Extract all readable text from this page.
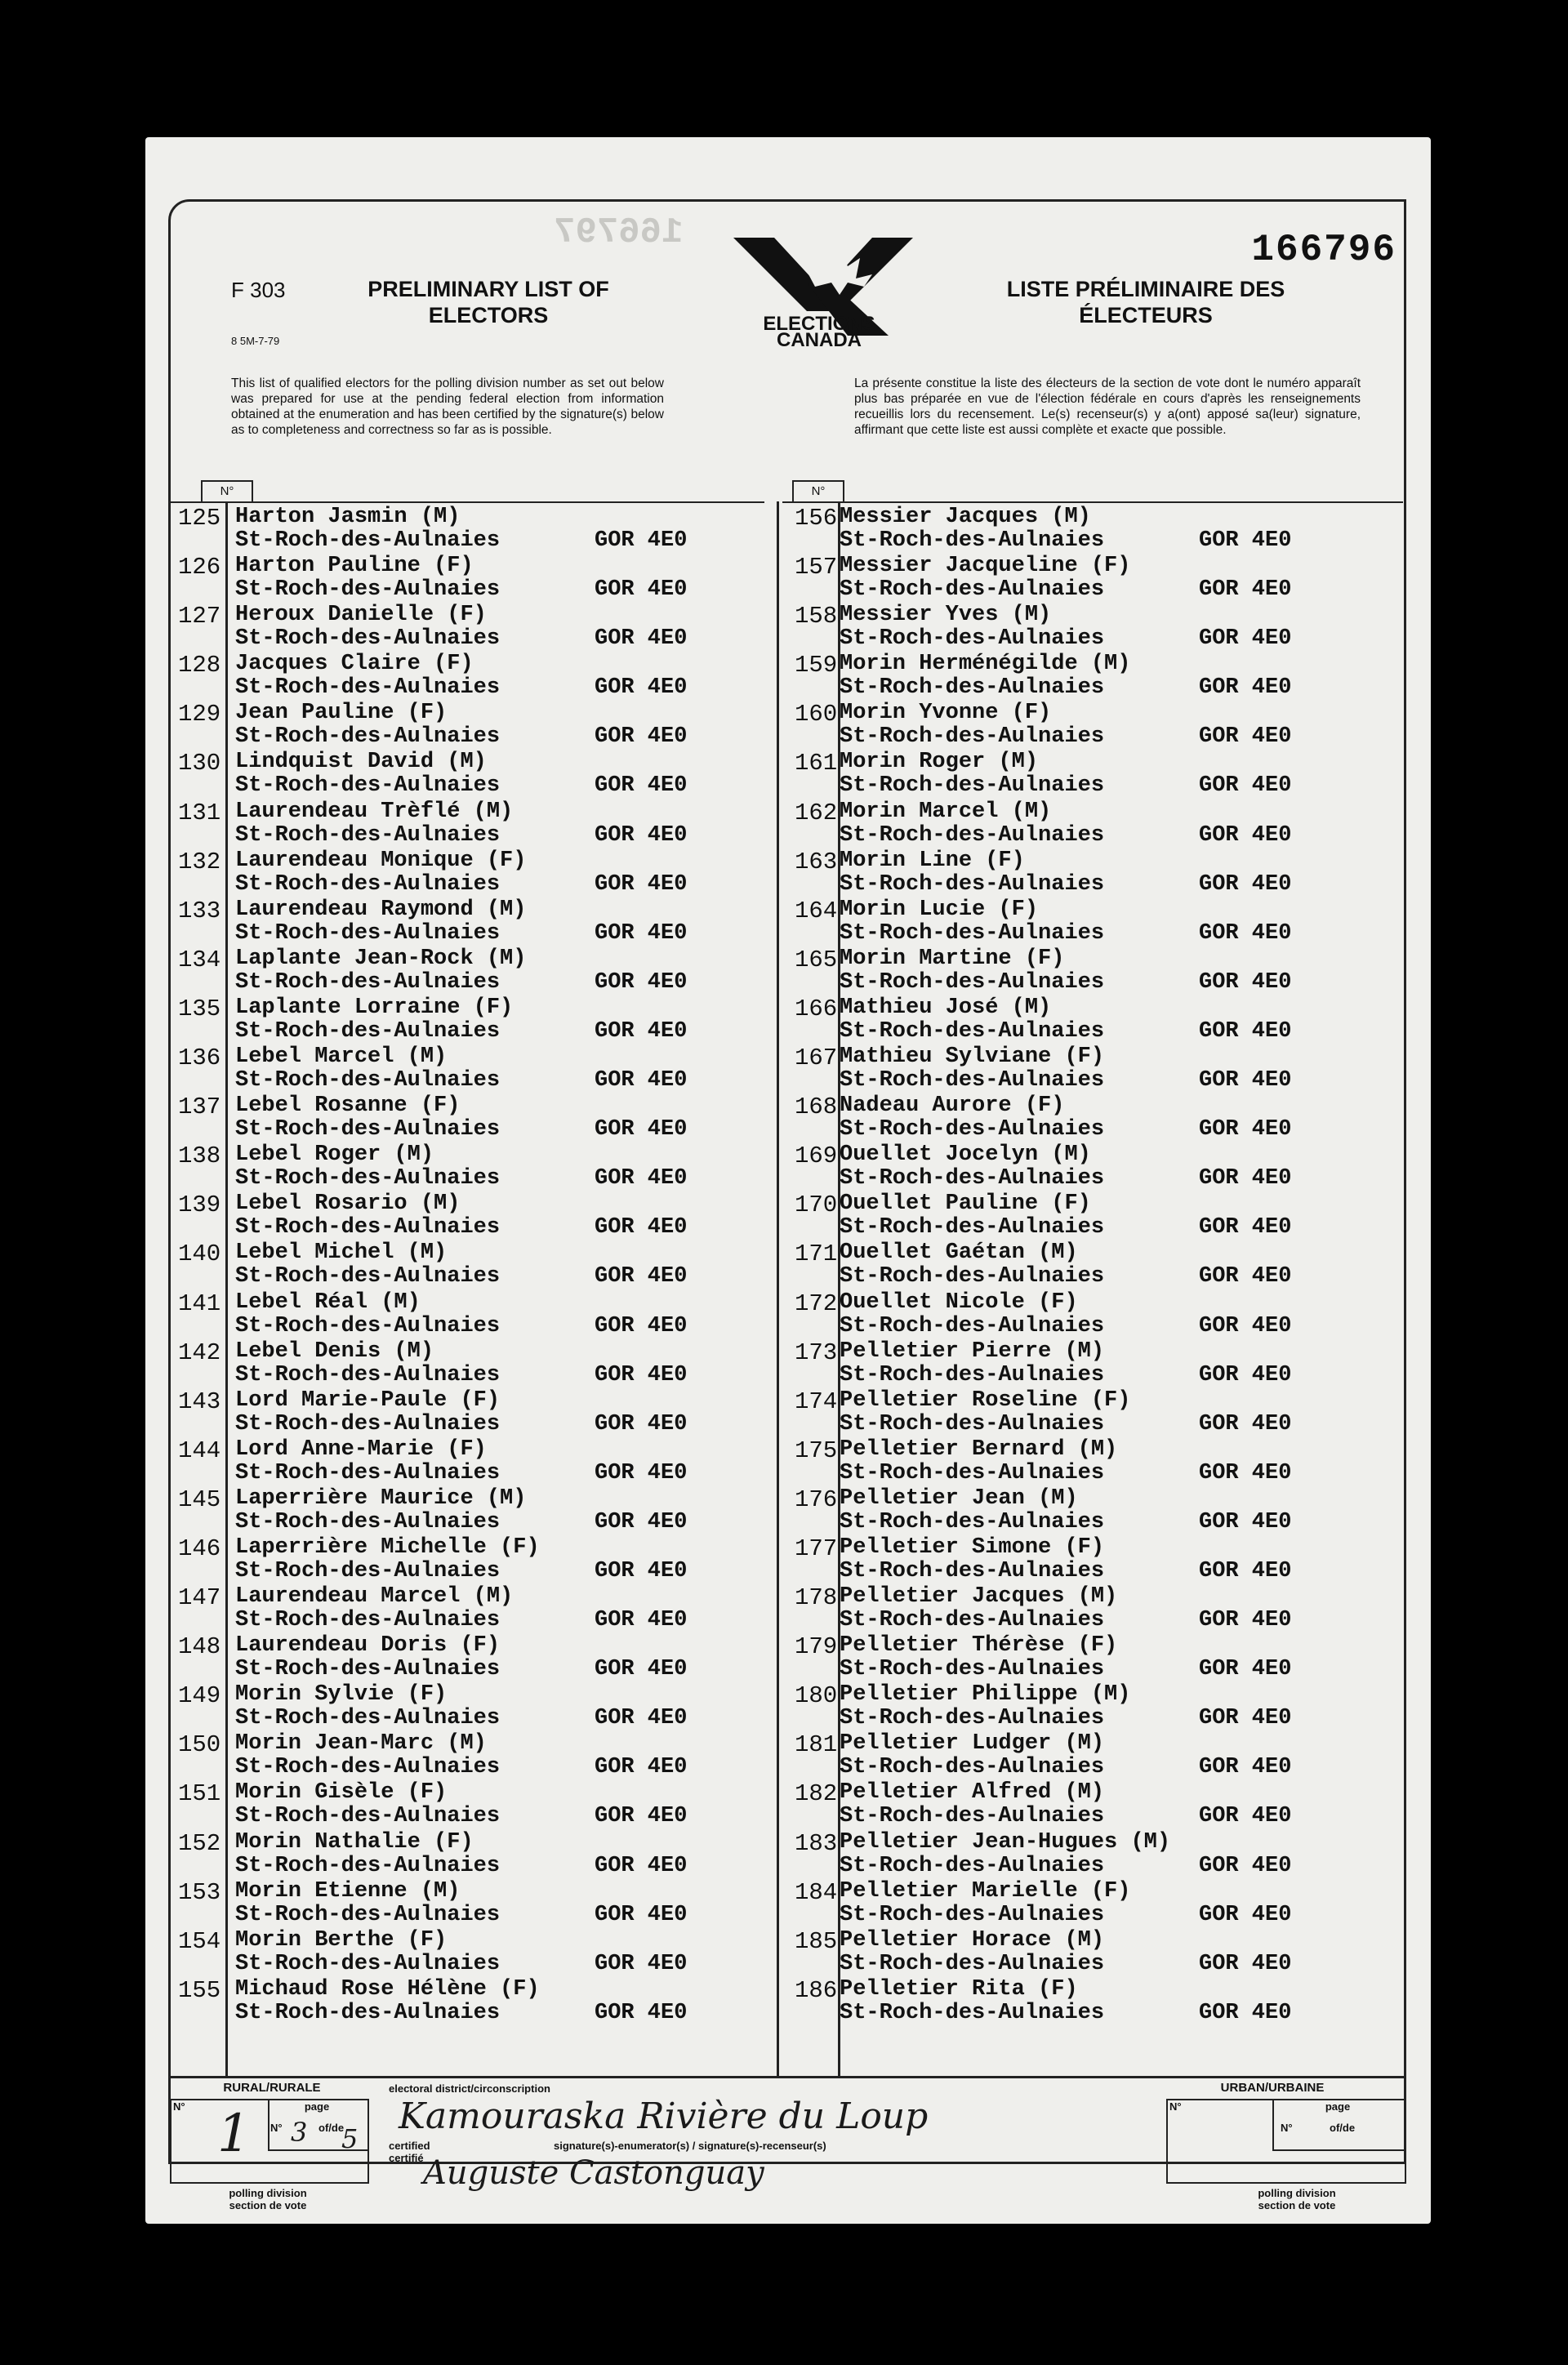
166797	166796
F 303
8 5M-7-79
PRELIMINARY LIST OF
ELECTORS	ELECTIONS
CANADA
LISTE PRÉLIMINAIRE DES
ÉLECTEURS
This list of qualified electors for the polling division number as set out below was prepared for use at the pending federal election from information obtained at the enumeration and has been certified by the signature(s) below as to completeness and correctness so far as is possible.
La présente constitue la liste des électeurs de la section de vote dont le numéro apparaît plus bas préparée en vue de l'élection fédérale en cours d'après les renseignements recueillis lors du recensement. Le(s) recenseur(s) y a(ont) apposé sa(leur) signature, affirmant que cette liste est aussi complète et exacte que possible.
N°	N°
125 Harton Jasmin (M)
St-Roch-des-Aulnaies	GOR 4E0
126 Harton Pauline (F)
St-Roch-des-Aulnaies	GOR 4E0
127 Heroux Danielle (F)
St-Roch-des-Aulnaies	GOR 4E0
128 Jacques Claire (F)
St-Roch-des-Aulnaies	GOR 4E0
129 Jean Pauline (F)
St-Roch-des-Aulnaies	GOR 4E0
130 Lindquist David (M)
St-Roch-des-Aulnaies	GOR 4E0
131 Laurendeau Trèflé (M)
St-Roch-des-Aulnaies	GOR 4E0
132 Laurendeau Monique (F)
St-Roch-des-Aulnaies	GOR 4E0
133 Laurendeau Raymond (M)
St-Roch-des-Aulnaies	GOR 4E0
134 Laplante Jean-Rock (M)
St-Roch-des-Aulnaies	GOR 4E0
135 Laplante Lorraine (F)
St-Roch-des-Aulnaies	GOR 4E0
136 Lebel Marcel (M)
St-Roch-des-Aulnaies	GOR 4E0
137 Lebel Rosanne (F)
St-Roch-des-Aulnaies	GOR 4E0
138 Lebel Roger (M)
St-Roch-des-Aulnaies	GOR 4E0
139 Lebel Rosario (M)
St-Roch-des-Aulnaies	GOR 4E0
140 Lebel Michel (M)
St-Roch-des-Aulnaies	GOR 4E0
141 Lebel Réal (M)
St-Roch-des-Aulnaies	GOR 4E0
142 Lebel Denis (M)
St-Roch-des-Aulnaies	GOR 4E0
143 Lord Marie-Paule (F)
St-Roch-des-Aulnaies	GOR 4E0
144 Lord Anne-Marie (F)
St-Roch-des-Aulnaies	GOR 4E0
145 Laperrière Maurice (M)
St-Roch-des-Aulnaies	GOR 4E0
146 Laperrière Michelle (F)
St-Roch-des-Aulnaies	GOR 4E0
147 Laurendeau Marcel (M)
St-Roch-des-Aulnaies	GOR 4E0
148 Laurendeau Doris (F)
St-Roch-des-Aulnaies	GOR 4E0
149 Morin Sylvie (F)
St-Roch-des-Aulnaies	GOR 4E0
150 Morin Jean-Marc (M)
St-Roch-des-Aulnaies	GOR 4E0
151 Morin Gisèle (F)
St-Roch-des-Aulnaies	GOR 4E0
152 Morin Nathalie (F)
St-Roch-des-Aulnaies	GOR 4E0
153 Morin Etienne (M)
St-Roch-des-Aulnaies	GOR 4E0
154 Morin Berthe (F)
St-Roch-des-Aulnaies	GOR 4E0
155 Michaud Rose Hélène (F)
St-Roch-des-Aulnaies	GOR 4E0
156 Messier Jacques (M)
St-Roch-des-Aulnaies	GOR 4E0
157 Messier Jacqueline (F)
St-Roch-des-Aulnaies	GOR 4E0
158 Messier Yves (M)
St-Roch-des-Aulnaies	GOR 4E0
159 Morin Herménégilde (M)
St-Roch-des-Aulnaies	GOR 4E0
160 Morin Yvonne (F)
St-Roch-des-Aulnaies	GOR 4E0
161 Morin Roger (M)
St-Roch-des-Aulnaies	GOR 4E0
162 Morin Marcel (M)
St-Roch-des-Aulnaies	GOR 4E0
163 Morin Line (F)
St-Roch-des-Aulnaies	GOR 4E0
164 Morin Lucie (F)
St-Roch-des-Aulnaies	GOR 4E0
165 Morin Martine (F)
St-Roch-des-Aulnaies	GOR 4E0
166 Mathieu José (M)
St-Roch-des-Aulnaies	GOR 4E0
167 Mathieu Sylviane (F)
St-Roch-des-Aulnaies	GOR 4E0
168 Nadeau Aurore (F)
St-Roch-des-Aulnaies	GOR 4E0
169 Ouellet Jocelyn (M)
St-Roch-des-Aulnaies	GOR 4E0
170 Ouellet Pauline (F)
St-Roch-des-Aulnaies	GOR 4E0
171 Ouellet Gaétan (M)
St-Roch-des-Aulnaies	GOR 4E0
172 Ouellet Nicole (F)
St-Roch-des-Aulnaies	GOR 4E0
173 Pelletier Pierre (M)
St-Roch-des-Aulnaies	GOR 4E0
174 Pelletier Roseline (F)
St-Roch-des-Aulnaies	GOR 4E0
175 Pelletier Bernard (M)
St-Roch-des-Aulnaies	GOR 4E0
176 Pelletier Jean (M)
St-Roch-des-Aulnaies	GOR 4E0
177 Pelletier Simone (F)
St-Roch-des-Aulnaies	GOR 4E0
178 Pelletier Jacques (M)
St-Roch-des-Aulnaies	GOR 4E0
179 Pelletier Thérèse (F)
St-Roch-des-Aulnaies	GOR 4E0
180 Pelletier Philippe (M)
St-Roch-des-Aulnaies	GOR 4E0
181 Pelletier Ludger (M)
St-Roch-des-Aulnaies	GOR 4E0
182 Pelletier Alfred (M)
St-Roch-des-Aulnaies	GOR 4E0
183 Pelletier Jean-Hugues (M)
St-Roch-des-Aulnaies	GOR 4E0
184 Pelletier Marielle (F)
St-Roch-des-Aulnaies	GOR 4E0
185 Pelletier Horace (M)
St-Roch-des-Aulnaies	GOR 4E0
186 Pelletier Rita (F)
St-Roch-des-Aulnaies	GOR 4E0
RURAL/RURALE
N° 1	page
N°	of/de
3 5
polling division
section de vote
electoral district/circonscription
Kamouraska Rivière du Loup
certified
certifié
signature(s)-enumerator(s) / signature(s)-recenseur(s)
Auguste Castonguay
URBAN/URBAINE
N°	page
N°	of/de
polling division
section de vote
